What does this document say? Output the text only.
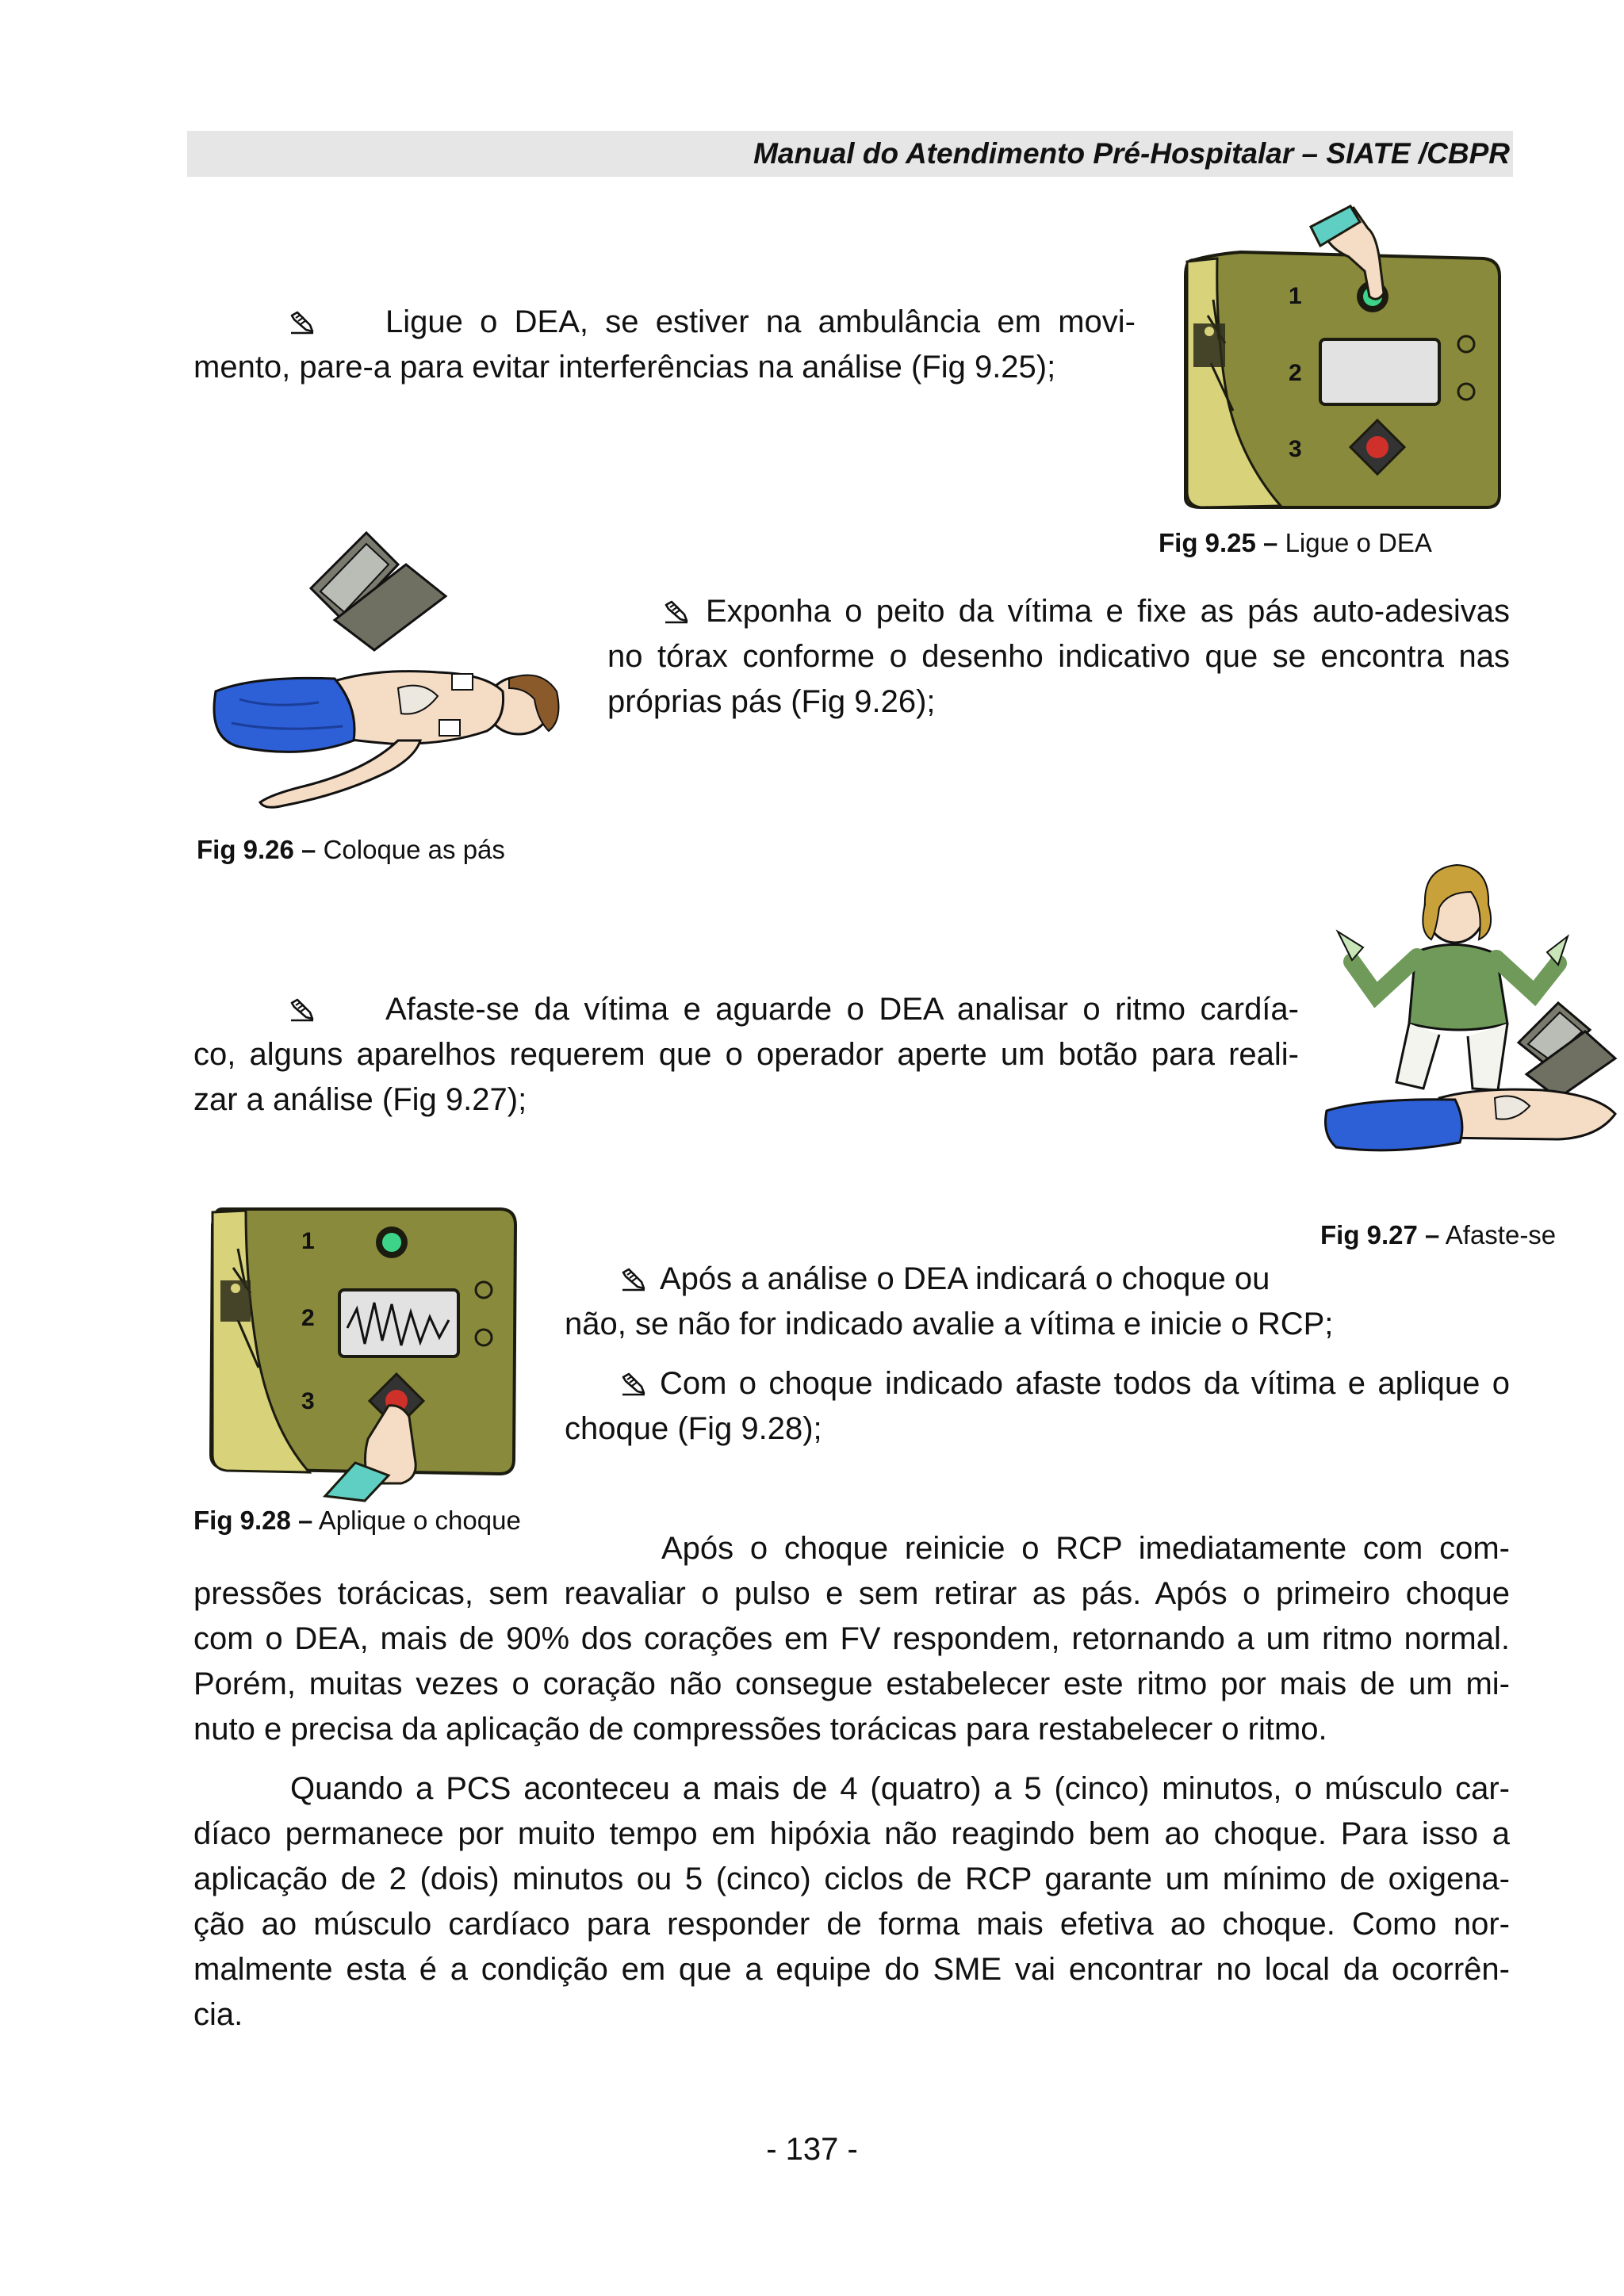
Manual do Atendimento Pré-Hospitalar – SIATE /CBPR
Ligue o DEA, se estiver na ambulância em movi-
mento, pare-a para evitar interferências na análise (Fig 9.25);
1
2
3
Fig 9.25 – Ligue o DEA
Fig 9.26 – Coloque as pás
Exponha o peito da vítima e fixe as pás auto-adesivas
no tórax conforme o desenho indicativo que se encontra nas
próprias pás (Fig 9.26);
Afaste-se da vítima e aguarde o DEA analisar o ritmo cardía-
co, alguns aparelhos requerem que o operador aperte um botão para reali-
zar a análise (Fig 9.27);
Fig 9.27 – Afaste-se
1
2
3
Fig 9.28 – Aplique o choque
Após a análise o DEA indicará o choque ou
não, se não for indicado avalie a vítima e inicie o RCP;
Com o choque indicado afaste todos da vítima e aplique o
choque (Fig 9.28);
Após o choque reinicie o RCP imediatamente com com-
pressões torácicas, sem reavaliar o pulso e sem retirar as pás. Após o primeiro choque
com o DEA, mais de 90% dos corações em FV respondem, retornando a um ritmo normal.
Porém, muitas vezes o coração não consegue estabelecer este ritmo por mais de um mi-
nuto e precisa da aplicação de compressões torácicas para restabelecer o ritmo.
Quando a PCS aconteceu a mais de 4 (quatro) a 5 (cinco) minutos, o músculo car-
díaco permanece por muito tempo em hipóxia não reagindo bem ao choque. Para isso a
aplicação de 2 (dois) minutos ou 5 (cinco) ciclos de RCP garante um mínimo de oxigena-
ção ao músculo cardíaco para responder de forma mais efetiva ao choque. Como nor-
malmente esta é a condição em que a equipe do SME vai encontrar no local da ocorrên-
cia.
- 137 -
